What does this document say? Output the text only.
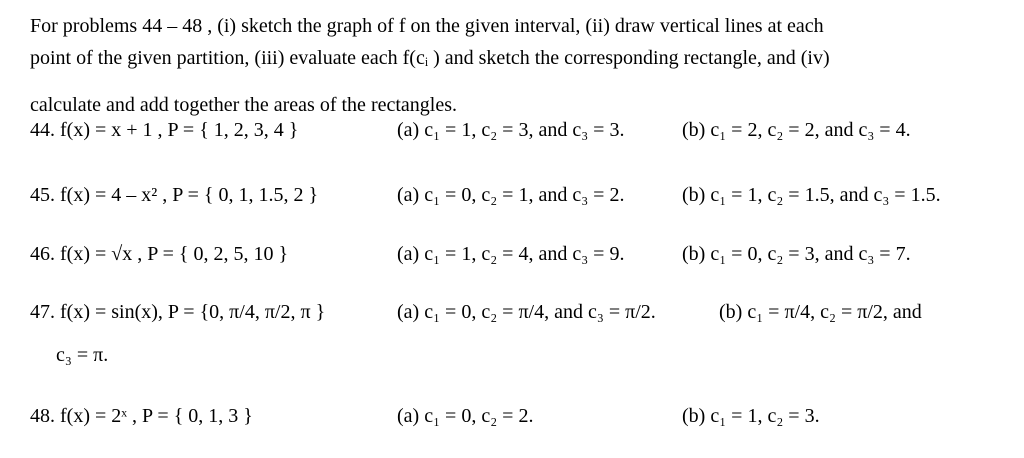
For problems 44 – 48 , (i) sketch the graph of f on the given interval, (ii) draw vertical lines at each
point of the given partition, (iii) evaluate each f(cᵢ ) and sketch the corresponding rectangle, and (iv)
calculate and add together the areas of the rectangles.
44. f(x) = x + 1 , P = { 1, 2, 3, 4 }	(a) c₁ = 1, c₂ = 3, and c₃ = 3.	(b) c₁ = 2, c₂ = 2, and c₃ = 4.
45. f(x) = 4 – x² , P = { 0, 1, 1.5, 2 }	(a) c₁ = 0, c₂ = 1, and c₃ = 2.	(b) c₁ = 1, c₂ = 1.5, and c₃ = 1.5.
46. f(x) = √x , P = { 0, 2, 5, 10 }	(a) c₁ = 1, c₂ = 4, and c₃ = 9.	(b) c₁ = 0, c₂ = 3, and c₃ = 7.
47. f(x) = sin(x), P = {0, π/4, π/2, π }	(a) c₁ = 0, c₂ = π/4, and c₃ = π/2.	(b) c₁ = π/4, c₂ = π/2, and
c₃ = π.
48. f(x) = 2ˣ , P = { 0, 1, 3 }	(a) c₁ = 0, c₂ = 2.	(b) c₁ = 1, c₂ = 3.
